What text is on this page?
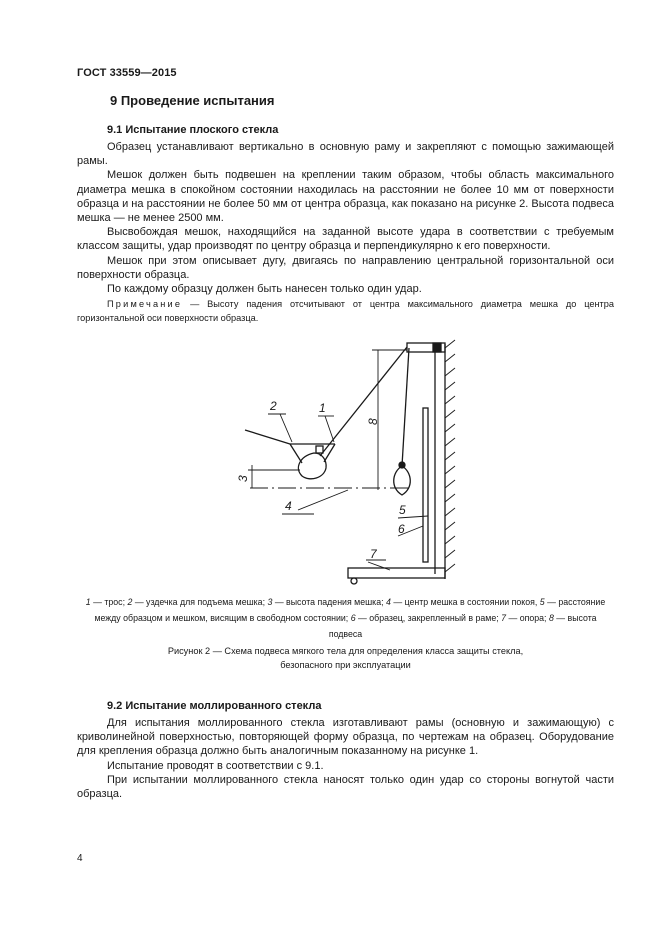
ГОСТ 33559—2015
9 Проведение испытания
9.1 Испытание плоского стекла

Образец устанавливают вертикально в основную раму и закрепляют с помощью зажимающей рамы.

Мешок должен быть подвешен на креплении таким образом, чтобы область максимального диаметра мешка в спокойном состоянии находилась на расстоянии не более 10 мм от поверхности образца и на расстоянии не более 50 мм от центра образца, как показано на рисунке 2. Высота подвеса мешка — не менее 2500 мм.

Высвобождая мешок, находящийся на заданной высоте удара в соответствии с требуемым классом защиты, удар производят по центру образца и перпендикулярно к его поверхности.

Мешок при этом описывает дугу, двигаясь по направлению центральной горизонтальной оси поверхности образца.

По каждому образцу должен быть нанесен только один удар.

Примечание — Высоту падения отсчитывают от центра максимального диаметра мешка до центра горизонтальной оси поверхности образца.
1
2
3
4	5
6
7
8
1 — трос; 2 — уздечка для подъема мешка; 3 — высота падения мешка; 4 — центр мешка в состоянии покоя, 5 — расстояние между образцом и мешком, висящим в свободном состоянии; 6 — образец, закрепленный в раме; 7 — опора; 8 — высота подвеса
Рисунок 2 — Схема подвеса мягкого тела для определения класса защиты стекла,
безопасного при эксплуатации
9.2 Испытание моллированного стекла

Для испытания моллированного стекла изготавливают рамы (основную и зажимающую) с криволинейной поверхностью, повторяющей форму образца, по чертежам на образец. Оборудование для крепления образца должно быть аналогичным показанному на рисунке 1.

Испытание проводят в соответствии с 9.1.

При испытании моллированного стекла наносят только один удар со стороны вогнутой части образца.

4
